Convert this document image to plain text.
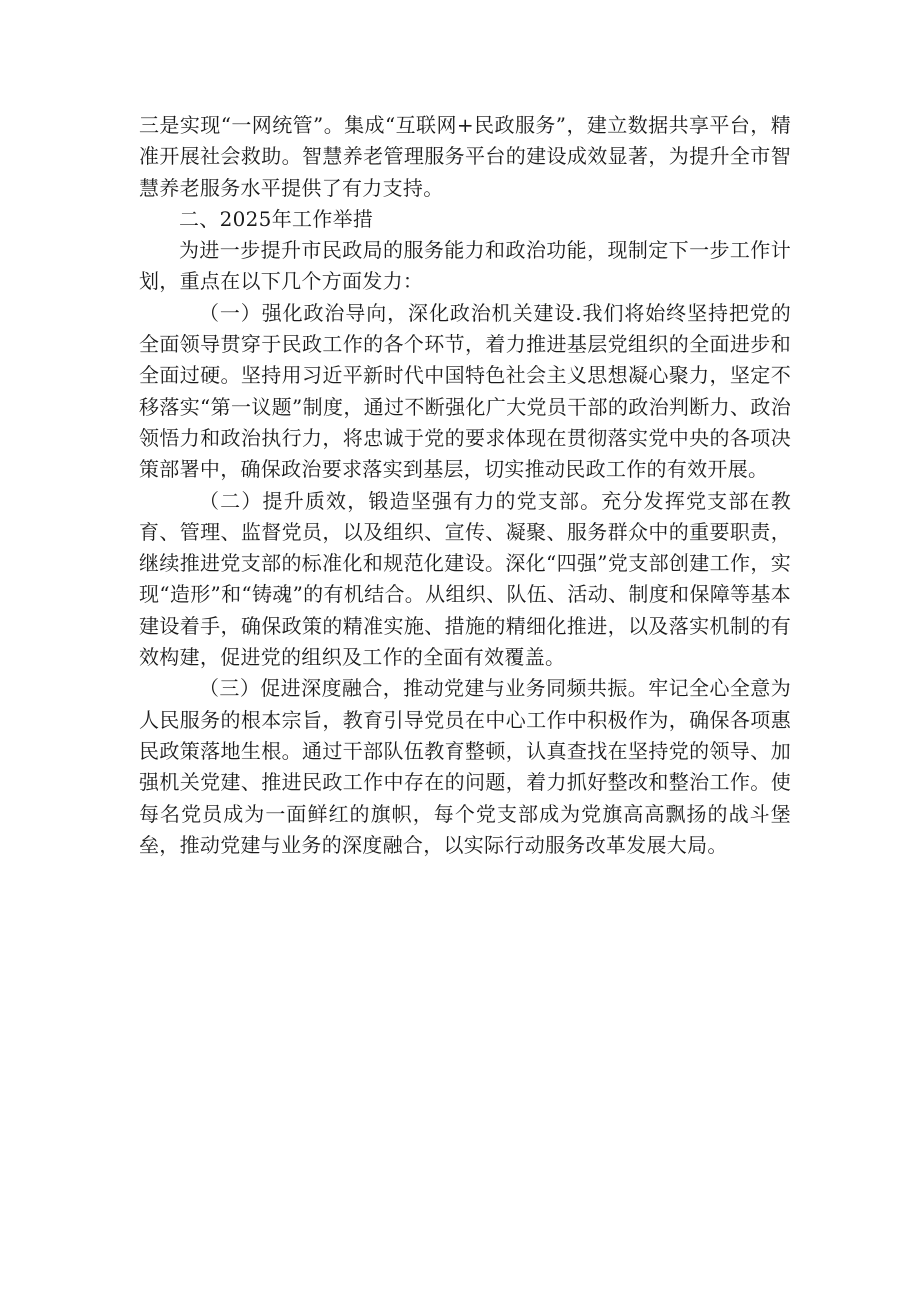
三是实现“一网统管”。集成“互联网+民政服务”，建立数据共享平台，精准开展社会救助。智慧养老管理服务平台的建设成效显著，为提升全市智慧养老服务水平提供了有力支持。

二、2025年工作举措

为进一步提升市民政局的服务能力和政治功能，现制定下一步工作计划，重点在以下几个方面发力：

（一）强化政治导向，深化政治机关建设.我们将始终坚持把党的全面领导贯穿于民政工作的各个环节，着力推进基层党组织的全面进步和全面过硬。坚持用习近平新时代中国特色社会主义思想凝心聚力，坚定不移落实“第一议题”制度，通过不断强化广大党员干部的政治判断力、政治领悟力和政治执行力，将忠诚于党的要求体现在贯彻落实党中央的各项决策部署中，确保政治要求落实到基层，切实推动民政工作的有效开展。

（二）提升质效，锻造坚强有力的党支部。充分发挥党支部在教育、管理、监督党员，以及组织、宣传、凝聚、服务群众中的重要职责，继续推进党支部的标准化和规范化建设。深化“四强”党支部创建工作，实现“造形”和“铸魂”的有机结合。从组织、队伍、活动、制度和保障等基本建设着手，确保政策的精准实施、措施的精细化推进，以及落实机制的有效构建，促进党的组织及工作的全面有效覆盖。

（三）促进深度融合，推动党建与业务同频共振。牢记全心全意为人民服务的根本宗旨，教育引导党员在中心工作中积极作为，确保各项惠民政策落地生根。通过干部队伍教育整顿，认真查找在坚持党的领导、加强机关党建、推进民政工作中存在的问题，着力抓好整改和整治工作。使每名党员成为一面鲜红的旗帜，每个党支部成为党旗高高飘扬的战斗堡垒，推动党建与业务的深度融合，以实际行动服务改革发展大局。
